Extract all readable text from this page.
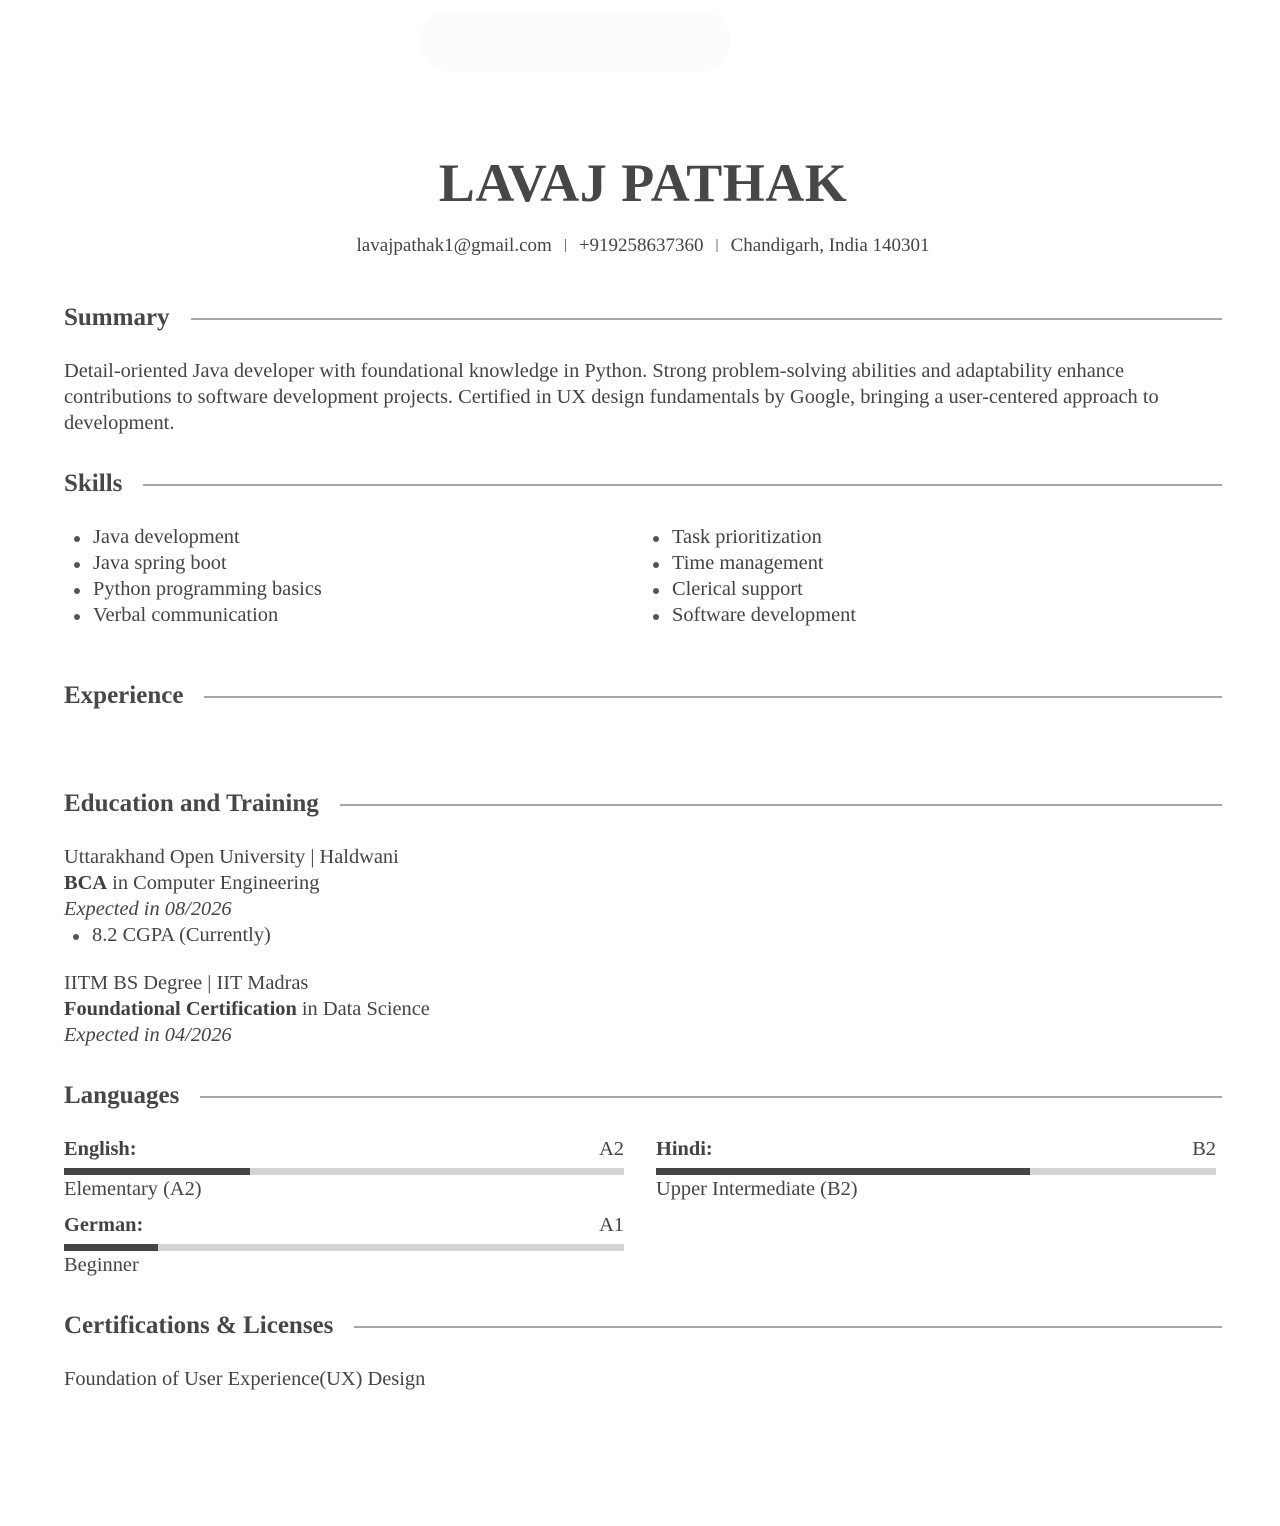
LAVAJ PATHAK
lavajpathak1@gmail.com | +919258637360 | Chandigarh, India 140301
Summary

Detail-oriented Java developer with foundational knowledge in Python. Strong problem-solving abilities and adaptability enhance contributions to software development projects. Certified in UX design fundamentals by Google, bringing a user-centered approach to development.

Skills
Java development
Java spring boot
Python programming basics
Verbal communication
Task prioritization
Time management
Clerical support
Software development
Experience
Education and Training
Uttarakhand Open University | Haldwani
BCA in Computer Engineering
Expected in 08/2026
8.2 CGPA (Currently)
IITM BS Degree | IIT Madras
Foundational Certification in Data Science
Expected in 04/2026
Languages
English:	A2
Elementary (A2)
Hindi:	B2
Upper Intermediate (B2)
German:	A1
Beginner
Certifications & Licenses

Foundation of User Experience(UX) Design
